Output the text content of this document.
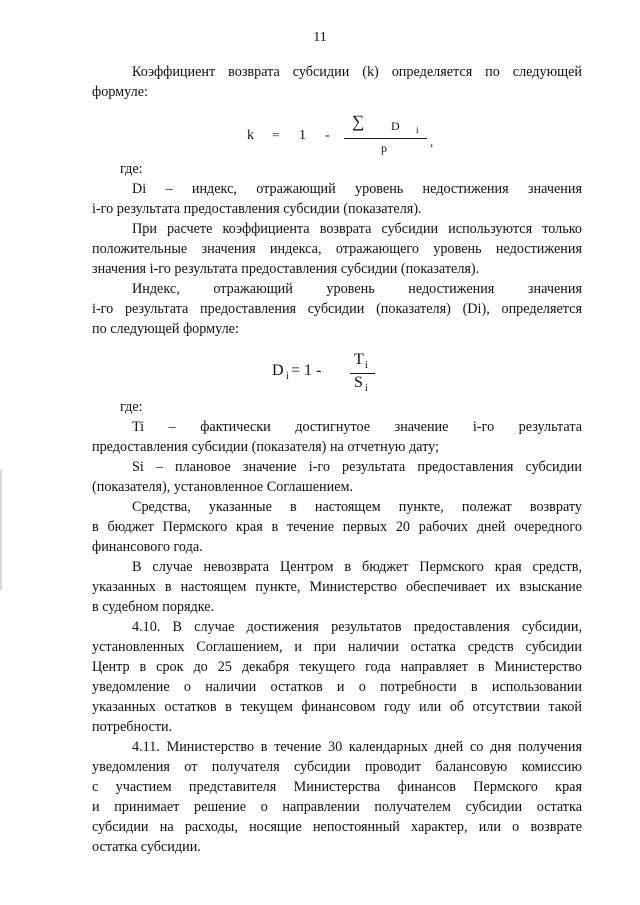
11
Коэффициент возврата субсидии (k) определяется по следующей
формуле:
k = 1 -
∑ D i
,
p
где:
Di – индекс, отражающий уровень недостижения значения
i-го результата предоставления субсидии (показателя).
При расчете коэффициента возврата субсидии используются только
положительные значения индекса, отражающего уровень недостижения
значения i-го результата предоставления субсидии (показателя).
Индекс, отражающий уровень недостижения значения
i-го результата предоставления субсидии (показателя) (Di), определяется
по следующей формуле:
D i = 1 -
T i
S i
где:
Ti – фактически достигнутое значение i-го результата
предоставления субсидии (показателя) на отчетную дату;
Si – плановое значение i-го результата предоставления субсидии
(показателя), установленное Соглашением.
Средства, указанные в настоящем пункте, полежат возврату
в бюджет Пермского края в течение первых 20 рабочих дней очередного
финансового года.
В случае невозврата Центром в бюджет Пермского края средств,
указанных в настоящем пункте, Министерство обеспечивает их взыскание
в судебном порядке.
4.10. В случае достижения результатов предоставления субсидии,
установленных Соглашением, и при наличии остатка средств субсидии
Центр в срок до 25 декабря текущего года направляет в Министерство
уведомление о наличии остатков и о потребности в использовании
указанных остатков в текущем финансовом году или об отсутствии такой
потребности.
4.11. Министерство в течение 30 календарных дней со дня получения
уведомления от получателя субсидии проводит балансовую комиссию
с участием представителя Министерства финансов Пермского края
и принимает решение о направлении получателем субсидии остатка
субсидии на расходы, носящие непостоянный характер, или о возврате
остатка субсидии.
